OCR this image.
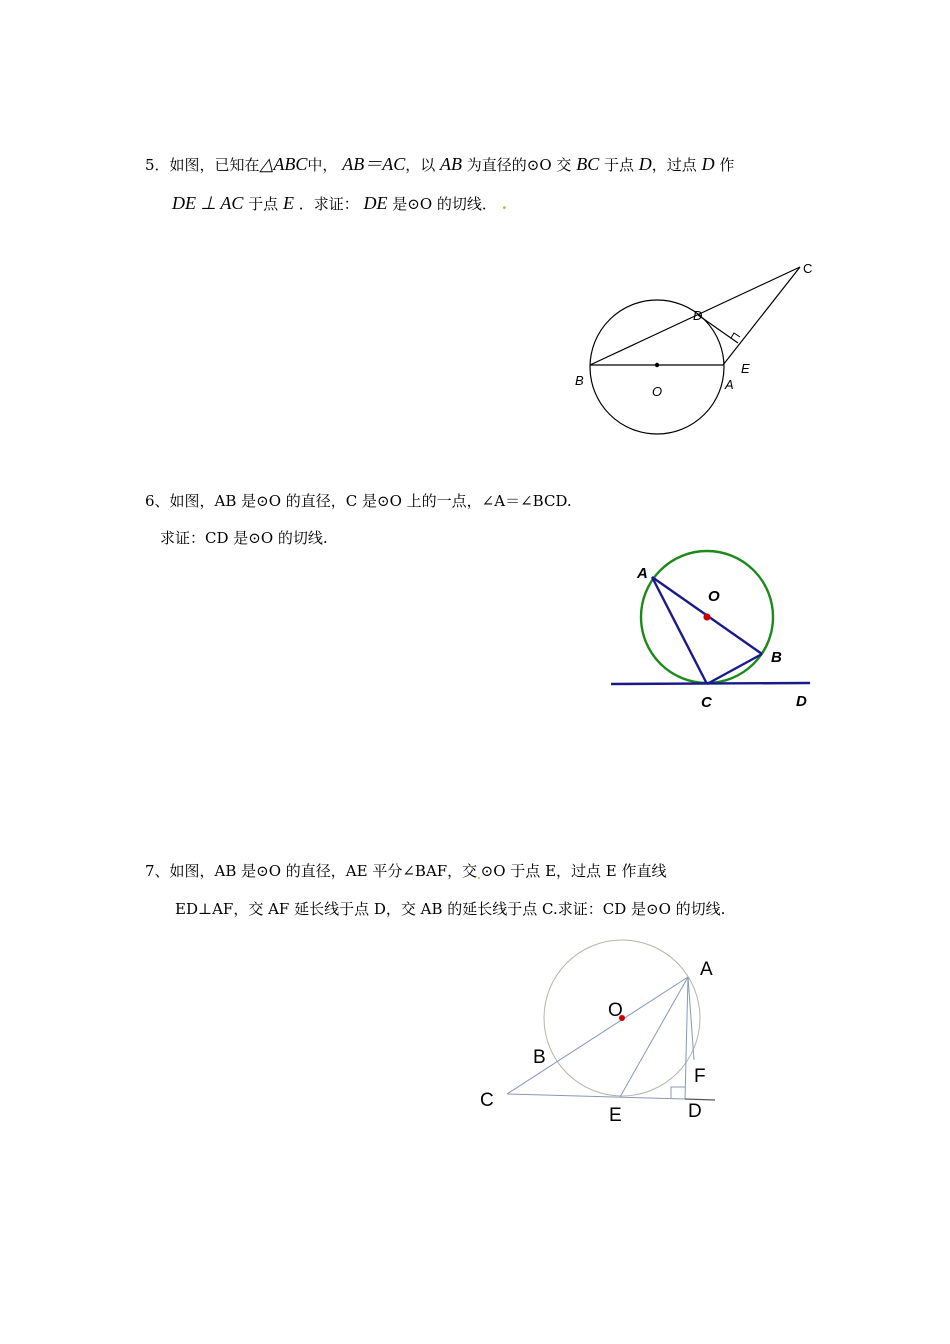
5．如图，已知在△ABC中， AB＝AC，以 AB 为直径的⊙O 交 BC 于点 D，过点 D 作
DE ⊥ AC 于点 E ．求证： DE 是⊙O 的切线． .
C
D
E
B	A
O
6、如图，AB 是⊙O 的直径，C 是⊙O 上的一点，∠A＝∠BCD.
求证：CD 是⊙O 的切线.
A
O
B
C	D
7、如图，AB 是⊙O 的直径，AE 平分∠BAF，交$_.$⊙O 于点 E，过点 E 作直线
ED⊥AF，交 AF 延长线于点 D，交 AB 的延长线于点 C.求证：CD 是⊙O 的切线.
A
O
B
F
C
E	D
